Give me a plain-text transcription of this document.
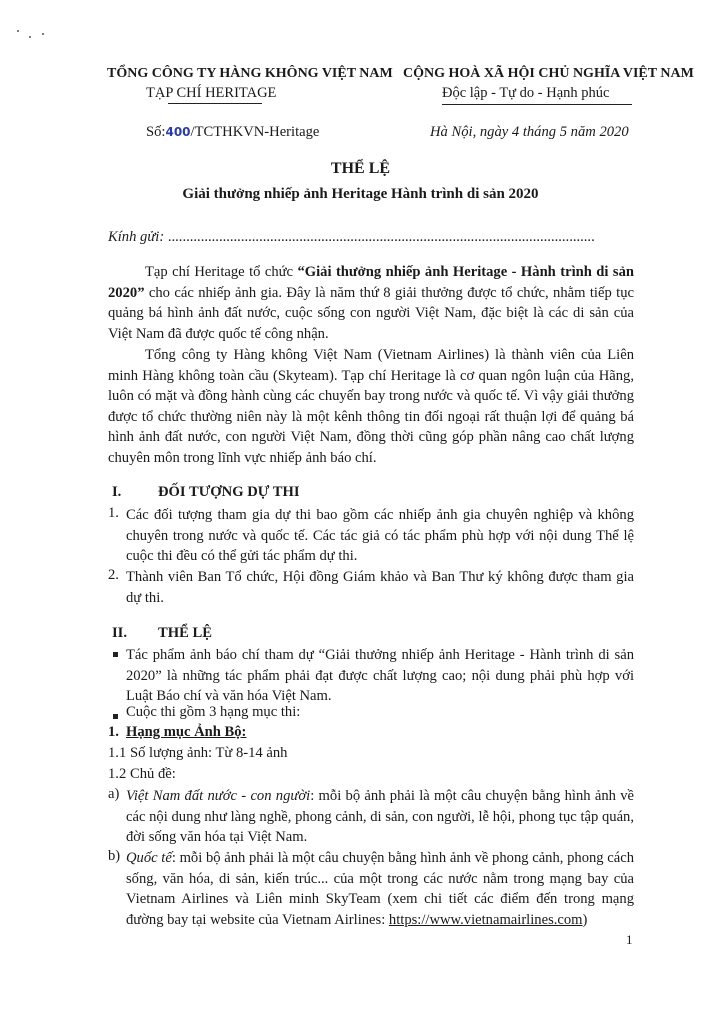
TỔNG CÔNG TY HÀNG KHÔNG VIỆT NAM
TẠP CHÍ HERITAGE
CỘNG HOÀ XÃ HỘI CHỦ NGHĨA VIỆT NAM
Độc lập - Tự do - Hạnh phúc
Số:400/TCTHKVN-Heritage	Hà Nội, ngày 4 tháng 5 năm 2020
THỂ LỆ
Giải thưởng nhiếp ảnh Heritage Hành trình di sản 2020
Kính gửi: .....................................................................................................................
Tạp chí Heritage tổ chức “Giải thưởng nhiếp ảnh Heritage - Hành trình di sản 2020” cho các nhiếp ảnh gia. Đây là năm thứ 8 giải thưởng được tổ chức, nhằm tiếp tục quảng bá hình ảnh đất nước, cuộc sống con người Việt Nam, đặc biệt là các di sản của Việt Nam đã được quốc tế công nhận.
Tổng công ty Hàng không Việt Nam (Vietnam Airlines) là thành viên của Liên minh Hàng không toàn cầu (Skyteam). Tạp chí Heritage là cơ quan ngôn luận của Hãng, luôn có mặt và đồng hành cùng các chuyến bay trong nước và quốc tế. Vì vậy giải thưởng được tổ chức thường niên này là một kênh thông tin đối ngoại rất thuận lợi để quảng bá hình ảnh đất nước, con người Việt Nam, đồng thời cũng góp phần nâng cao chất lượng chuyên môn trong lĩnh vực nhiếp ảnh báo chí.
I.	ĐỐI TƯỢNG DỰ THI
1. Các đối tượng tham gia dự thi bao gồm các nhiếp ảnh gia chuyên nghiệp và không chuyên trong nước và quốc tế. Các tác giả có tác phẩm phù hợp với nội dung Thể lệ cuộc thi đều có thể gửi tác phẩm dự thi.
2. Thành viên Ban Tổ chức, Hội đồng Giám khảo và Ban Thư ký không được tham gia dự thi.
II. THỂ LỆ
Tác phẩm ảnh báo chí tham dự “Giải thưởng nhiếp ảnh Heritage - Hành trình di sản 2020” là những tác phẩm phải đạt được chất lượng cao; nội dung phải phù hợp với Luật Báo chí và văn hóa Việt Nam.
Cuộc thi gồm 3 hạng mục thi:
1. Hạng mục Ảnh Bộ:
1.1 Số lượng ảnh: Từ 8-14 ảnh
1.2 Chủ đề:
a) Việt Nam đất nước - con người: mỗi bộ ảnh phải là một câu chuyện bằng hình ảnh về các nội dung như làng nghề, phong cảnh, di sản, con người, lễ hội, phong tục tập quán, đời sống văn hóa tại Việt Nam.
b) Quốc tế: mỗi bộ ảnh phải là một câu chuyện bằng hình ảnh về phong cảnh, phong cách sống, văn hóa, di sản, kiến trúc... của một trong các nước nằm trong mạng bay của Vietnam Airlines và Liên minh SkyTeam (xem chi tiết các điểm đến trong mạng đường bay tại website của Vietnam Airlines: https://www.vietnamairlines.com)
1
